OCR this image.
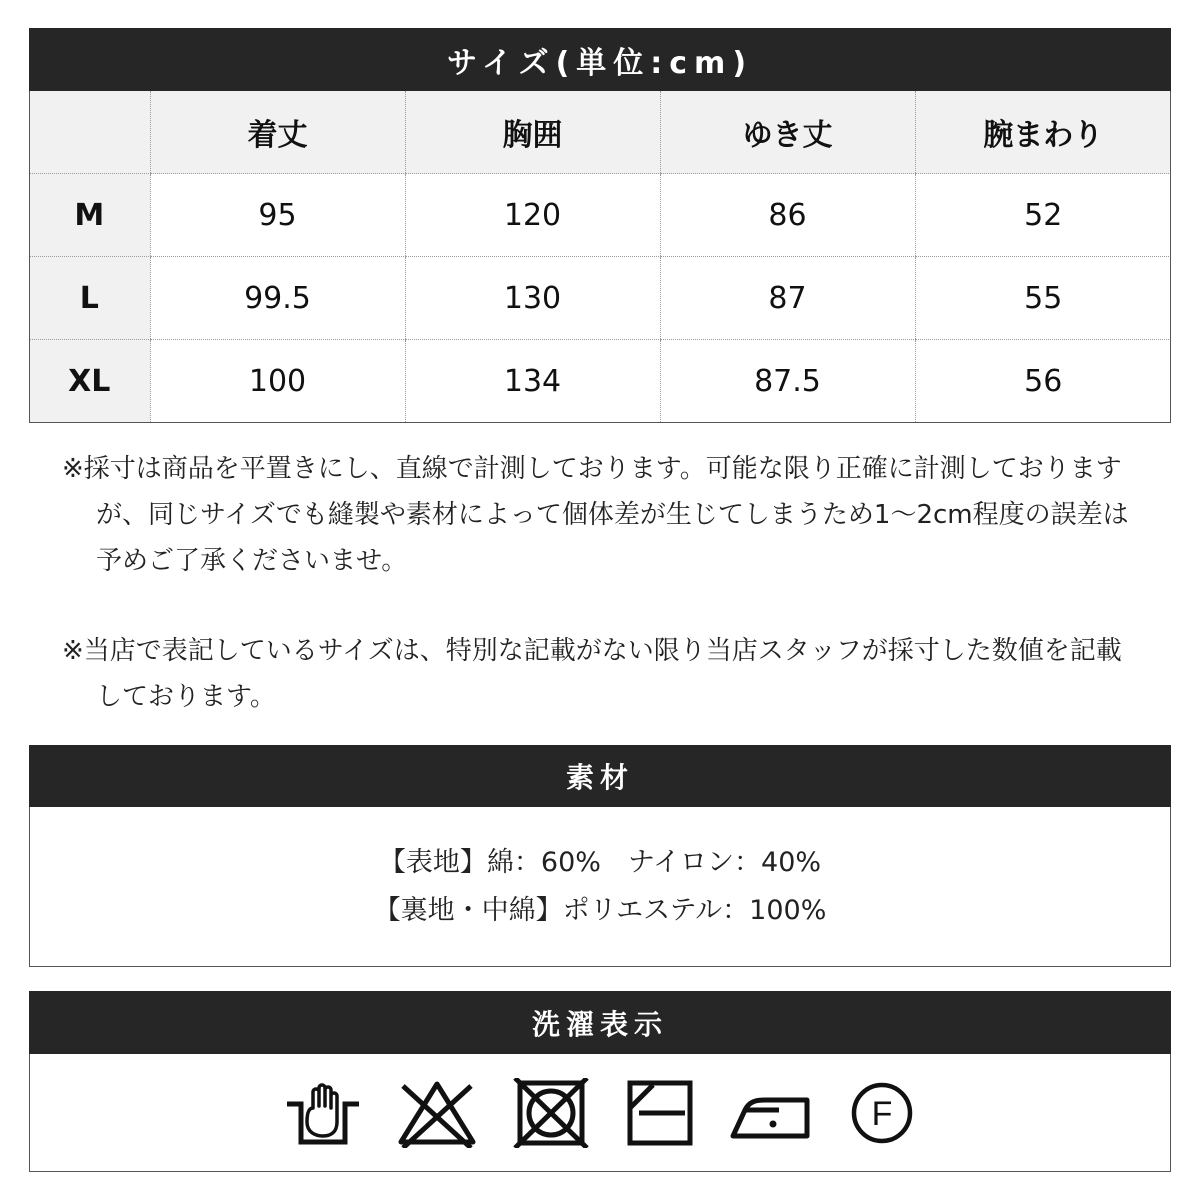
サイズ(単位:cm)
	着丈	胸囲	ゆき丈	腕まわり
M	95	120	86	52
L	99.5	130	87	55
XL	100	134	87.5	56

※採寸は商品を平置きにし、直線で計測しております。可能な限り正確に計測しておりますが、同じサイズでも縫製や素材によって個体差が生じてしまうため1～2cm程度の誤差は予めご了承くださいませ。

※当店で表記しているサイズは、特別な記載がない限り当店スタッフが採寸した数値を記載しております。

素材
【表地】綿：60%　ナイロン：40%
【裏地・中綿】ポリエステル：100%
洗濯表示
F
